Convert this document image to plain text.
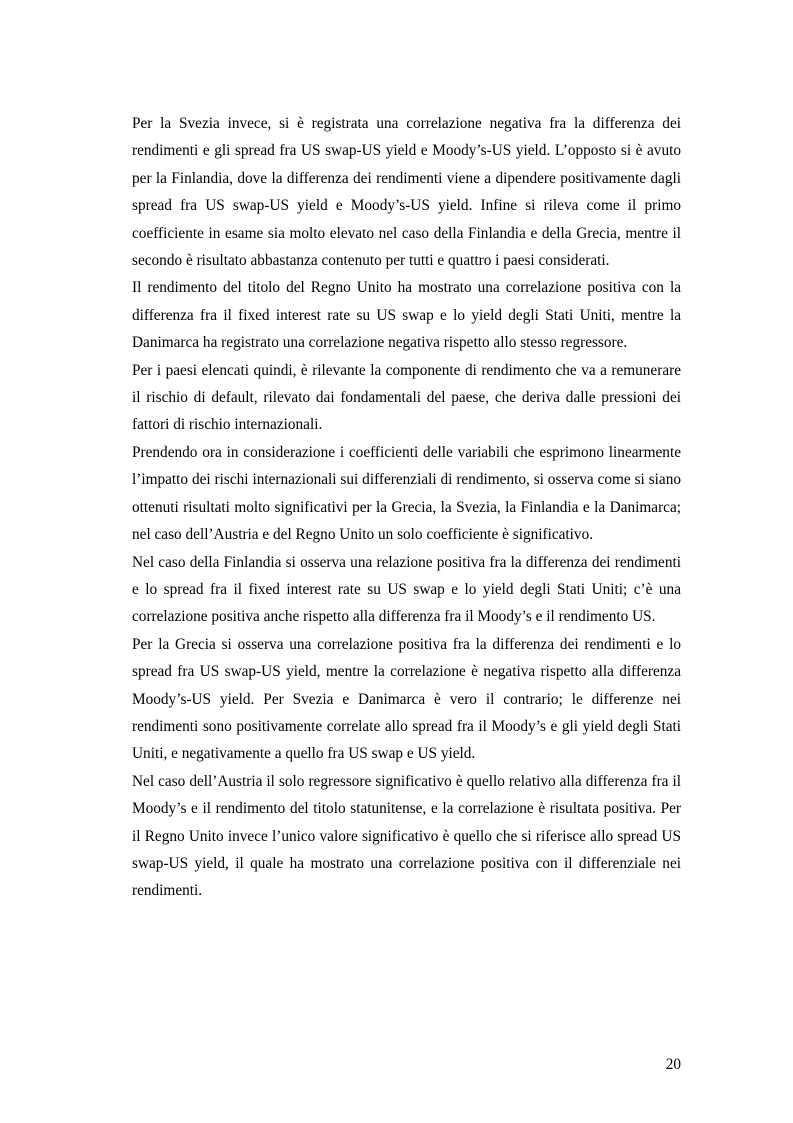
Per la Svezia invece, si è registrata una correlazione negativa fra la differenza dei rendimenti e gli spread fra US swap-US yield e Moody’s-US yield. L’opposto si è avuto per la Finlandia, dove la differenza dei rendimenti viene a dipendere positivamente dagli spread fra US swap-US yield e Moody’s-US yield. Infine si rileva come il primo coefficiente in esame sia molto elevato nel caso della Finlandia e della Grecia, mentre il secondo è risultato abbastanza contenuto per tutti e quattro i paesi considerati.

Il rendimento del titolo del Regno Unito ha mostrato una correlazione positiva con la differenza fra il fixed interest rate su US swap e lo yield degli Stati Uniti, mentre la Danimarca ha registrato una correlazione negativa rispetto allo stesso regressore.

Per i paesi elencati quindi, è rilevante la componente di rendimento che va a remunerare il rischio di default, rilevato dai fondamentali del paese, che deriva dalle pressioni dei fattori di rischio internazionali.

Prendendo ora in considerazione i coefficienti delle variabili che esprimono linearmente l’impatto dei rischi internazionali sui differenziali di rendimento, si osserva come si siano ottenuti risultati molto significativi per la Grecia, la Svezia, la Finlandia e la Danimarca; nel caso dell’Austria e del Regno Unito un solo coefficiente è significativo.

Nel caso della Finlandia si osserva una relazione positiva fra la differenza dei rendimenti e lo spread fra il fixed interest rate su US swap e lo yield degli Stati Uniti; c’è una correlazione positiva anche rispetto alla differenza fra il Moody’s e il rendimento US.

Per la Grecia si osserva una correlazione positiva fra la differenza dei rendimenti e lo spread fra US swap-US yield, mentre la correlazione è negativa rispetto alla differenza Moody’s-US yield. Per Svezia e Danimarca è vero il contrario; le differenze nei rendimenti sono positivamente correlate allo spread fra il Moody’s e gli yield degli Stati Uniti, e negativamente a quello fra US swap e US yield.

Nel caso dell’Austria il solo regressore significativo è quello relativo alla differenza fra il Moody’s e il rendimento del titolo statunitense, e la correlazione è risultata positiva. Per il Regno Unito invece l’unico valore significativo è quello che si riferisce allo spread US swap-US yield, il quale ha mostrato una correlazione positiva con il differenziale nei rendimenti.

20
